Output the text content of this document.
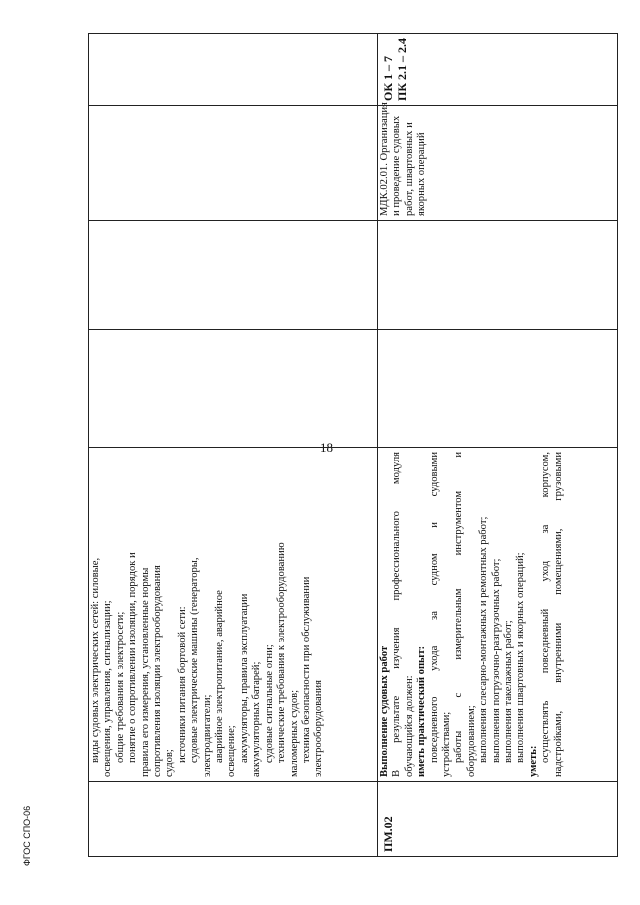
18
ФГОС СПО-06
виды судовых электрических сетей: силовые, освещения, управления, сигнализации; общие требования к электросети; понятие о сопротивлении изоляции, порядок и правила его измерения, установленные нормы сопротивления изоляции электрооборудования судов;
источники питания бортовой сети: судовые электрические машины (генераторы, электродвигатели; аварийное электропитание, аварийное освещение; аккумуляторы, правила эксплуатации аккумуляторных батарей; судовые сигнальные огни; технические требования к электрооборудованию маломерных судов; техника безопасности при обслуживании электрооборудования
ПМ.02
Выполнение судовых работ В результате изучения профессионального модуля обучающийся должен: иметь практический опыт: повседневного ухода за судном и судовыми устройствами; работы с измерительным инструментом и оборудованием; выполнения слесарно-монтажных и ремонтных работ; выполнения погрузочно-разгрузочных работ; выполнения такелажных работ; выполнения швартовных и якорных операций; уметь: осуществлять повседневный уход за корпусом, надстройками, внутренними помещениями, грузовыми
МДК.02.01. Организация и проведение судовых работ, швартовных и якорных операций
ОК 1 – 7 ПК 2.1 – 2.4
